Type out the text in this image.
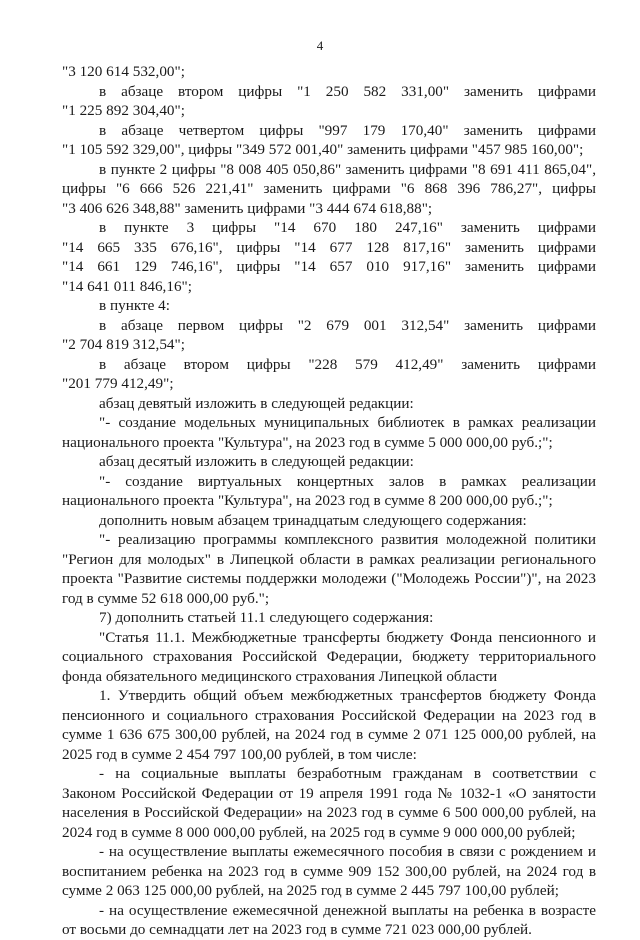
4
"3 120 614 532,00";
в абзаце втором цифры "1 250 582 331,00" заменить цифрами
"1 225 892 304,40";
в абзаце четвертом цифры "997 179 170,40" заменить цифрами
"1 105 592 329,00", цифры "349 572 001,40" заменить цифрами "457 985 160,00";
в пункте 2 цифры "8 008 405 050,86" заменить цифрами "8 691 411 865,04",
цифры "6 666 526 221,41" заменить цифрами "6 868 396 786,27", цифры
"3 406 626 348,88" заменить цифрами "3 444 674 618,88";
в пункте 3 цифры "14 670 180 247,16" заменить цифрами
"14 665 335 676,16", цифры "14 677 128 817,16" заменить цифрами
"14 661 129 746,16", цифры "14 657 010 917,16" заменить цифрами
"14 641 011 846,16";
в пункте 4:
в абзаце первом цифры "2 679 001 312,54" заменить цифрами
"2 704 819 312,54";
в абзаце втором цифры "228 579 412,49" заменить цифрами
"201 779 412,49";
абзац девятый изложить в следующей редакции:
"- создание модельных муниципальных библиотек в рамках реализации
национального проекта "Культура", на 2023 год в сумме 5 000 000,00 руб.;";
абзац десятый изложить в следующей редакции:
"- создание виртуальных концертных залов в рамках реализации
национального проекта "Культура", на 2023 год в сумме 8 200 000,00 руб.;";
дополнить новым абзацем тринадцатым следующего содержания:
"- реализацию программы комплексного развития молодежной политики
"Регион для молодых" в Липецкой области в рамках реализации регионального
проекта "Развитие системы поддержки молодежи ("Молодежь России")", на 2023
год в сумме 52 618 000,00 руб.";
7) дополнить статьей 11.1 следующего содержания:
"Статья 11.1. Межбюджетные трансферты бюджету Фонда пенсионного и
социального страхования Российской Федерации, бюджету территориального
фонда обязательного медицинского страхования Липецкой области
1. Утвердить общий объем межбюджетных трансфертов бюджету Фонда
пенсионного и социального страхования Российской Федерации на 2023 год в
сумме 1 636 675 300,00 рублей, на 2024 год в сумме 2 071 125 000,00 рублей, на
2025 год в сумме 2 454 797 100,00 рублей, в том числе:
- на социальные выплаты безработным гражданам в соответствии с
Законом Российской Федерации от 19 апреля 1991 года № 1032-1 «О занятости
населения в Российской Федерации» на 2023 год в сумме 6 500 000,00 рублей, на
2024 год в сумме 8 000 000,00 рублей, на 2025 год в сумме 9 000 000,00 рублей;
- на осуществление выплаты ежемесячного пособия в связи с рождением и
воспитанием ребенка на 2023 год в сумме 909 152 300,00 рублей, на 2024 год в
сумме 2 063 125 000,00 рублей, на 2025 год в сумме 2 445 797 100,00 рублей;
- на осуществление ежемесячной денежной выплаты на ребенка в возрасте
от восьми до семнадцати лет на 2023 год в сумме 721 023 000,00 рублей.
